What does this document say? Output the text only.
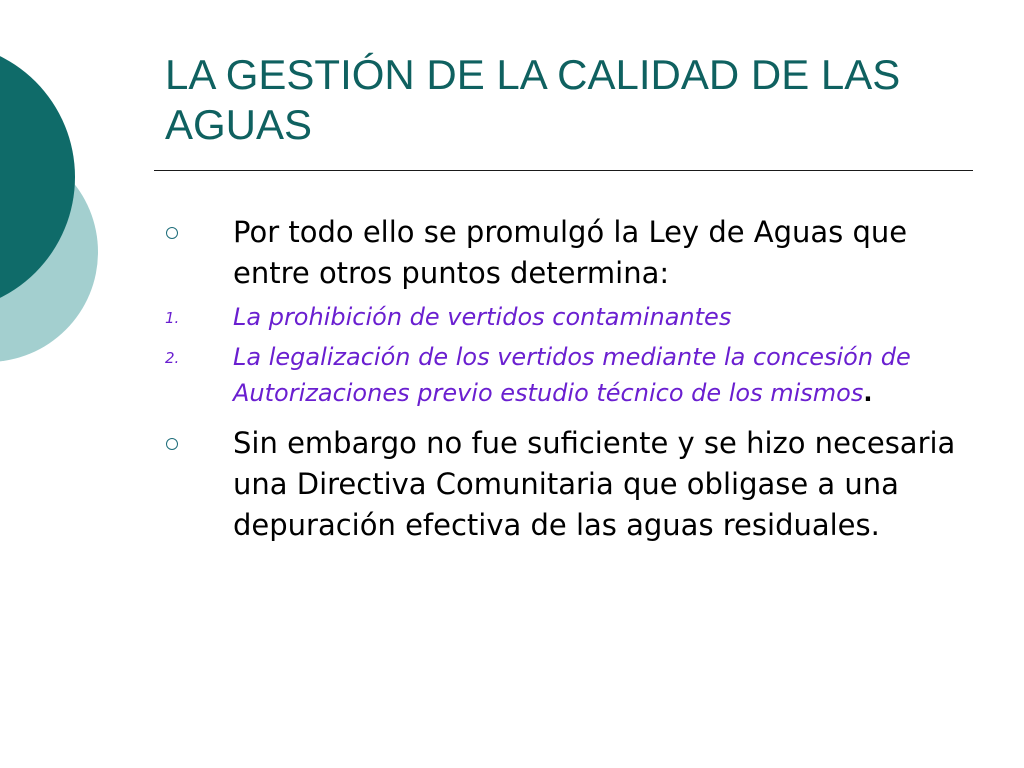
LA GESTIÓN DE LA CALIDAD DE LAS AGUAS
Por todo ello se promulgó la Ley de Aguas que entre otros puntos determina:
1. La prohibición de vertidos contaminantes
2. La legalización de los vertidos mediante la concesión de Autorizaciones previo estudio técnico de los mismos.
Sin embargo no fue suficiente y se hizo necesaria una Directiva Comunitaria que obligase a una depuración efectiva de las aguas residuales.
